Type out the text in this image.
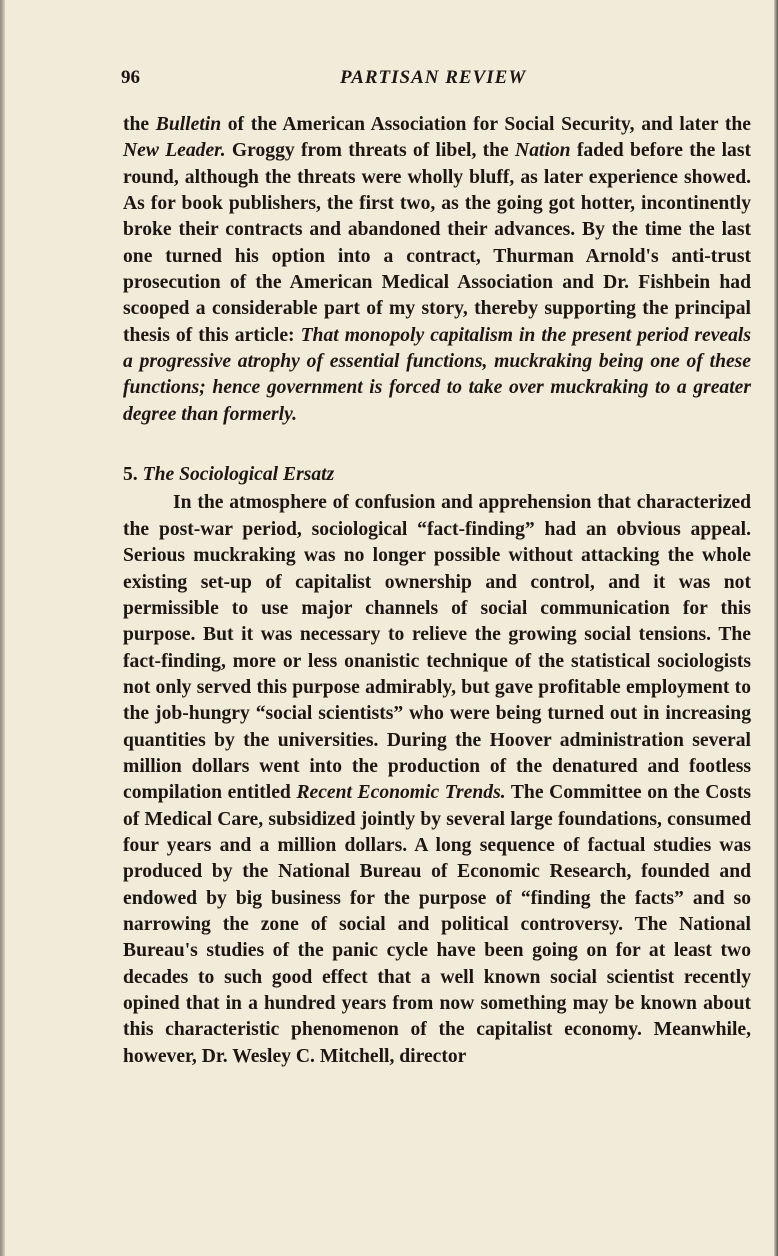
96	PARTISAN REVIEW

the Bulletin of the American Association for Social Security, and later the New Leader. Groggy from threats of libel, the Nation faded before the last round, although the threats were wholly bluff, as later experience showed. As for book publishers, the first two, as the going got hotter, incontinently broke their contracts and abandoned their advances. By the time the last one turned his option into a contract, Thurman Arnold's anti-trust prosecution of the American Medical Association and Dr. Fishbein had scooped a considerable part of my story, thereby supporting the principal thesis of this article: That monopoly capitalism in the present period reveals a progressive atrophy of essential functions, muckraking being one of these functions; hence government is forced to take over muckraking to a greater degree than formerly.

5. The Sociological Ersatz

In the atmosphere of confusion and apprehension that characterized the post-war period, sociological “fact-finding” had an obvious appeal. Serious muckraking was no longer possible without attacking the whole existing set-up of capitalist ownership and control, and it was not permissible to use major channels of social communication for this purpose. But it was necessary to relieve the growing social tensions. The fact-finding, more or less onanistic technique of the statistical sociologists not only served this purpose admirably, but gave profitable employment to the job-hungry “social scientists” who were being turned out in increasing quantities by the universities. During the Hoover administration several million dollars went into the production of the denatured and footless compilation entitled Recent Economic Trends. The Committee on the Costs of Medical Care, subsidized jointly by several large foundations, consumed four years and a million dollars. A long sequence of factual studies was produced by the National Bureau of Economic Research, founded and endowed by big business for the purpose of “finding the facts” and so narrowing the zone of social and political controversy. The National Bureau's studies of the panic cycle have been going on for at least two decades to such good effect that a well known social scientist recently opined that in a hundred years from now something may be known about this characteristic phenomenon of the capitalist economy. Meanwhile, however, Dr. Wesley C. Mitchell, director
